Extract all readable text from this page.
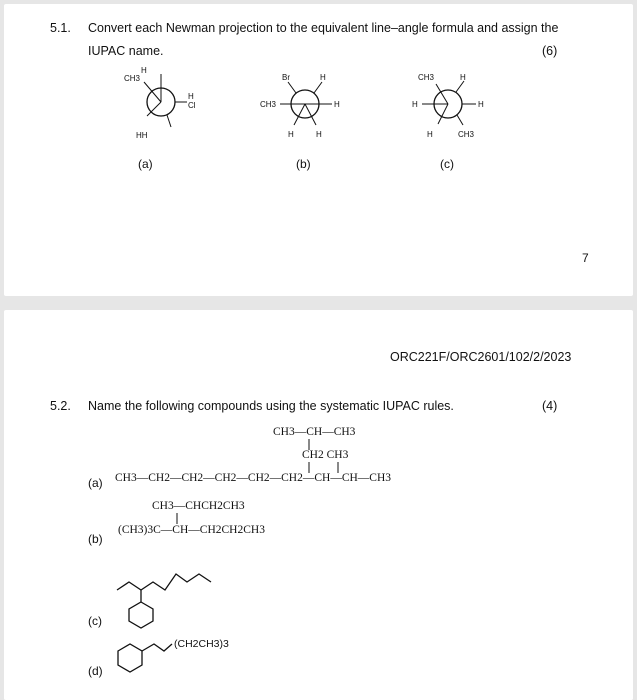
5.1. Convert each Newman projection to the equivalent line–angle formula and assign the
IUPAC name.	(6)
H
CH3
H
Cl
HH
Br	H
CH3	H
H	H
CH3	H
H	H
H	CH3
(a)	(b)	(c)
7
ORC221F/ORC2601/102/2/2023
5.2. Name the following compounds using the systematic IUPAC rules.	(4)
CH3—CH—CH3
CH2 CH3
CH3—CH2—CH2—CH2—CH2—CH2—CH—CH—CH3
(a)
CH3—CHCH2CH3
(CH3)3C—CH—CH2CH2CH3
(b)
(c)
(CH2CH3)3
(d)
